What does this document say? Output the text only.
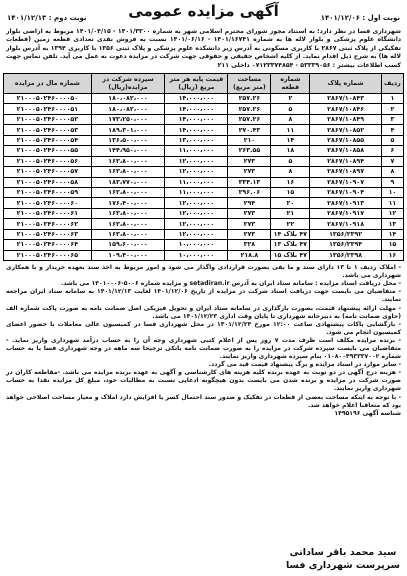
نوبت اول : ۱۴۰۱/۱۲/۰۶
آگهی مزایده عمومی
نوبت دوم : ۱۴۰۱/۱۲/۱۳
شهرداری فسا در نظر دارد؛ به استناد مجوز شورای محترم اسلامی شهر به شماره ۱۴۰۱/۳۳۰۰ - ۱۴۰۱/۰۴/۱۵ مربوط به اراضی بلوار دانشگاه علوم پزشکی و بلوار لاله ها به شماره ۱۴۰۱/۱۶۷۴۱ - ۱۴۰۱/۰۶/۱۶ نسبت به فروش نقدی تعدادی قطعه زمین (قطعات تفکیکی از پلاک ثبتی ۲۸۶۷ با کاربری مسکونی به آدرس زیر دانشکده علوم پزشکی و پلاک ثبتی ۱۳۵۶ با کاربری ۱۳۹۴ به آدرس بلوار لاله ها) به شرح ذیل اقدام نماید. از کلیه اشخاص حقیقی و حقوقی جهت شرکت در مزایده دعوت به عمل می آید. تلفن تماس جهت کسب اطلاعات بیشتر : ۵۳۳۳۹۰۵۶ - ۰۷۱۲۳۳۷۴۸۵۴ داخلی ۲۱۱
ردیف	شماره پلاک	شماره قطعه	مساحت (متر مربع)	قیمت پایه هر متر مربع (ریال)	سپرده شرکت در مزایده(ریال)	شماره مال در مزایده
۱	۲۸۶۷/۱۰۸۴۳	۲	۲۵۷.۲۶	۱۴،۰۰۰،۰۰۰	۱۸۰،۰۸۲،۰۰۰	۲۱۰۰۰۵۰۲۴۶۰۰۰۰۵۰
۲	۲۸۶۷/۱۰۸۴۶	۵	۲۵۷.۲۶	۱۴،۰۰۰،۰۰۰	۱۸۰،۰۸۲،۰۰۰	۲۱۰۰۰۵۰۲۴۶۰۰۰۰۵۱
۳	۲۸۶۷/۱۰۸۴۹	۸	۲۵۷.۲۶	۱۴،۰۰۰،۰۰۰	۱۷۳،۲۵۰،۰۰۰	۲۱۰۰۰۵۰۲۴۶۰۰۰۰۵۲
۴	۲۸۶۷/۱۰۸۵۲	۱۱	۲۷۰.۴۳	۱۴،۰۰۰،۰۰۰	۱۸۹،۳۰۱،۰۰۰	۲۱۰۰۰۵۰۲۴۶۰۰۰۰۵۳
۵	۲۸۶۷/۱۰۸۵۵	۱۴	۲۱۰	۱۳،۰۰۰،۰۰۰	۱۳۶،۵۰۰،۰۰۰	۲۱۰۰۰۵۰۲۴۶۰۰۰۰۵۴
۶	۲۸۶۷/۱۰۸۵۸	۱۸	۲۶۳.۵۵	۱۱،۰۰۰،۰۰۰	۱۴۴،۹۵۰،۰۰۰	۲۱۰۰۰۵۰۲۴۶۰۰۰۰۵۵
۷	۲۸۶۷/۱۰۸۹۴	۵	۲۷۳	۱۲،۰۰۰،۰۰۰	۱۶۳،۸۰۰،۰۰۰	۲۱۰۰۰۵۰۲۴۶۰۰۰۰۵۶
۸	۲۸۶۷/۱۰۸۹۷	۸	۲۷۳	۱۲،۰۰۰،۰۰۰	۱۶۳،۸۰۰،۰۰۰	۲۱۰۰۰۵۰۲۴۶۰۰۰۰۵۷
۹	۲۸۶۷/۱۰۹۰۷	۱۶	۳۳۴.۱۳	۱۱،۰۰۰،۰۰۰	۱۸۳،۷۷۰،۰۰۰	۲۱۰۰۰۵۰۲۴۶۰۰۰۰۵۸
۱۰	۲۸۶۷/۱۰۹۰۴	۱۵	۲۹۶.۰۶	۱۱،۰۰۰،۰۰۰	۱۶۲،۸۰۰،۰۰۰	۲۱۰۰۰۵۰۲۴۶۰۰۰۰۵۹
۱۱	۲۸۶۷/۱۰۹۱۳	۲۰	۲۹۴	۱۲،۰۰۰،۰۰۰	۱۷۶،۴۰۰،۰۰۰	۲۱۰۰۰۵۰۲۴۶۰۰۰۰۶۰
۱۲	۲۸۶۷/۱۰۹۱۷	۲۱	۲۷۳	۱۲،۰۰۰،۰۰۰	۱۶۳،۸۰۰،۰۰۰	۲۱۰۰۰۵۰۲۴۶۰۰۰۰۶۱
۱۳	۲۸۶۷/۱۰۹۱۸	۲۲	۲۷۳	۱۲،۰۰۰،۰۰۰	۱۶۳،۸۰۰،۰۰۰	۲۱۰۰۰۵۰۲۴۶۰۰۰۰۶۲
۱۴	۱۳۵۶/۲۳۹۲	۴۷ بلاک ۱۴	۲۷۳	۱۲،۰۰۰،۰۰۰	۱۶۳،۸۰۰،۰۰۰	۲۱۰۰۰۵۰۲۴۶۰۰۰۰۶۳
۱۵	۱۳۵۶/۲۳۹۴	۴۷ بلاک ۱۳	۳۲۸	۱۰،۰۰۰،۰۰۰	۱۵۹،۶۰۰،۰۰۰	۲۱۰۰۰۵۰۲۴۶۰۰۰۰۶۴
۱۶	۱۳۵۶/۲۳۹۸	۴۷ بلاک ۱۵	۲۱۸.۸	۱۰،۰۰۰،۰۰۰	۱۰۹،۴۰۰،۰۰۰	۲۱۰۰۰۵۰۲۴۶۰۰۰۰۶۵

- املاک ردیف ۱ تا ۱۳ دارای سند و ما بقی بصورت قراردادی واگذار می شود و امور مربوط به اخذ سند بعهده خریدار و با همکاری شهرداری می باشد.

- محل دریافت اسناد مزایده : سامانه ستاد ایران به آدرس setadiran.ir و مزایده شماره ۵۰۰۶-۱۴۰۱۰۰۰۶ می باشد.

- متقاضیان می بایست جهت دریافت اسناد شرکت در مزایده از تاریخ ۱۴۰۱/۱۲/۰۶ لغایت ۱۴۰۱/۱۲/۱۳ به سامانه ستاد ایران مراجعه نمایند.

- مهلت ارائه پیشنهاد قیمت، بصورت بارگذاری در سامانه ستاد ایران و تحویل فیزیکی اصل ضمانت نامه به صورت پاکت شماره الف (حاوی ضمانت نامه) به دبیرخانه شهرداری تا پایان وقت اداری ۱۴۰۱/۱۲/۲۳ می باشد.

- بازگشایی پاکات پیشنهادی ساعت ۱۲:۰۰ مورخ ۱۴۰۱/۱۲/۲۴ در محل شهرداری فسا در کمیسیون عالی معاملات با حضور اعضای کمیسیون انجام می شود.

- برنده مزایده مکلف است ظرف مدت ۷ روز پس از اعلام کتبی شهرداری وجه آن را به حساب درآمد شهرداری واریز نماید. - متقاضیان می بایست سپرده شرکت در مزایده را به صورت ضمانت نامه بانکی ترجیحا سه ماهه در وجه شهرداری فسا یا به حساب شماره ۰۱۰۸۰۰۴۹۳۳۳۷۰۰۲ بنام سپرده شهرداری واریز نمایند.

- سایر موارد در اسناد مزایده و برگ پیشنهاد قیمت قید می گردد.

- هزینه درج آگهی در دو نوبت به عهده برنده کلیه هزینه های کارشناسی و آگهی به عهده برنده مزایده می باشد. -مقاطعه کاران در صورت شرکت در مزایده و برنده شدن می بایست بدون هیچگونه ادعایی نسبت به مطالبات خود، مبلغ کل مزایده نقدا به حساب شهرداری واریز نمایند.

- با توجه به اینکه مساحت بعضی از قطعات در تفکیک و صدور سند احتمال کسر یا افزایش دارد املاک و معیار مساحت اصلاحی خواهد بود که متعاقبا اعلام خواهد شد.

شناسه آگهی ۱۴۹۵۱۹۶

سید محمد باقر ساداتی
سرپرست شهرداری فسا
